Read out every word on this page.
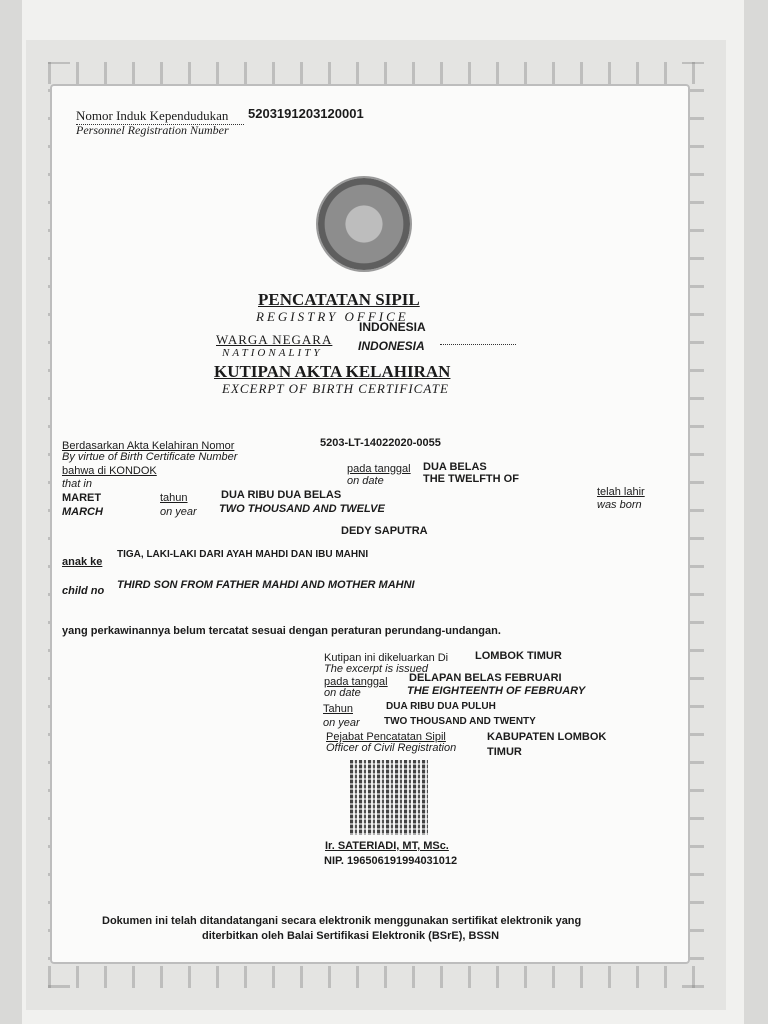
Nomor Induk Kependudukan 5203191203120001
Personnel Registration Number
PENCATATAN SIPIL
REGISTRY OFFICE
WARGA NEGARA
NATIONALITY
INDONESIA
INDONESIA
KUTIPAN AKTA KELAHIRAN
EXCERPT OF BIRTH CERTIFICATE
Berdasarkan Akta Kelahiran Nomor
By virtue of Birth Certificate Number
5203-LT-14022020-0055
bahwa di KONDOK
that in
pada tanggal
on date
DUA BELAS
THE TWELFTH OF
MARET
MARCH
tahun
on year
DUA RIBU DUA BELAS
TWO THOUSAND AND TWELVE
telah lahir
was born
DEDY SAPUTRA
anak ke
TIGA, LAKI-LAKI DARI AYAH MAHDI DAN IBU MAHNI
child no THIRD SON FROM FATHER MAHDI AND MOTHER MAHNI
yang perkawinannya belum tercatat sesuai dengan peraturan perundang-undangan.
Kutipan ini dikeluarkan Di
The excerpt is issued
LOMBOK TIMUR
pada tanggal
on date
DELAPAN BELAS FEBRUARI
THE EIGHTEENTH OF FEBRUARY
Tahun
on year
DUA RIBU DUA PULUH
TWO THOUSAND AND TWENTY
Pejabat Pencatatan Sipil
Officer of Civil Registration
KABUPATEN LOMBOK
TIMUR
Ir. SATERIADI, MT, MSc.
NIP. 196506191994031012
Dokumen ini telah ditandatangani secara elektronik menggunakan sertifikat elektronik yang
diterbitkan oleh Balai Sertifikasi Elektronik (BSrE), BSSN
